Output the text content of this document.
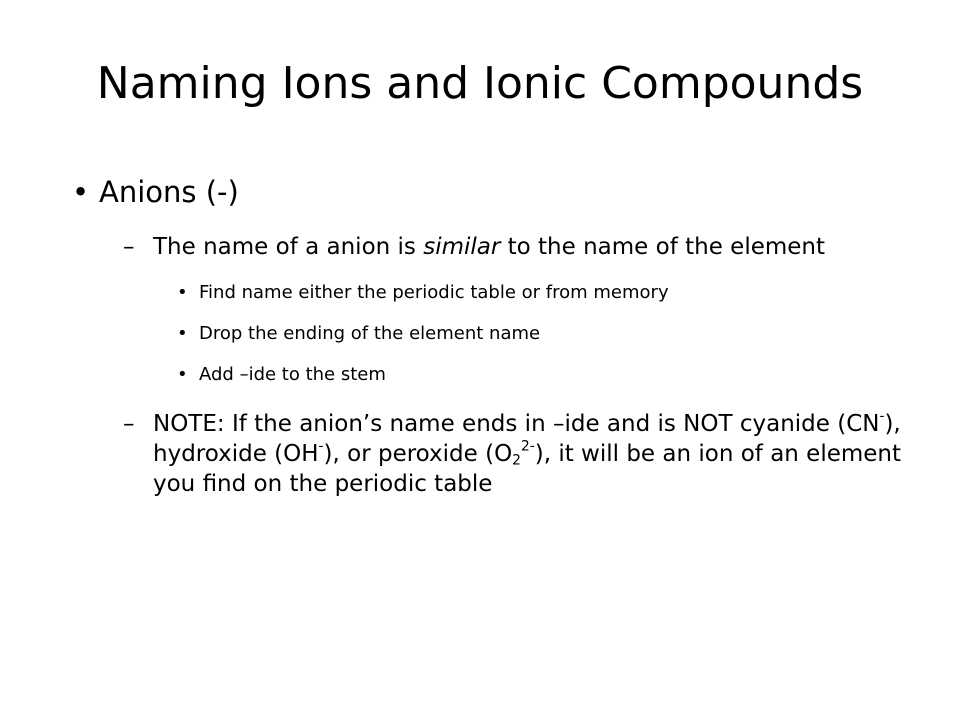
Naming Ions and Ionic Compounds

• Anions (-)

– The name of a anion is similar to the name of the element

• Find name either the periodic table or from memory

• Drop the ending of the element name

• Add –ide to the stem

– NOTE: If the anion’s name ends in –ide and is NOT cyanide (CN-), hydroxide (OH-), or peroxide $(O_2^{2-})$, it will be an ion of an element you find on the periodic table
